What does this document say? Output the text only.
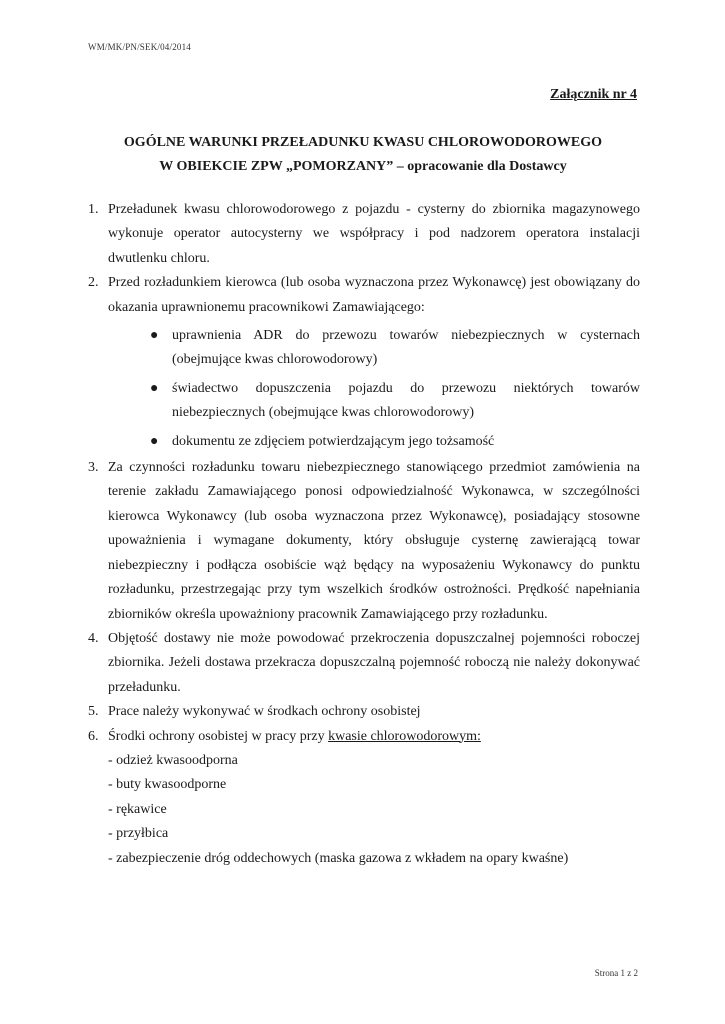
WM/MK/PN/SEK/04/2014
Załącznik nr 4
OGÓLNE WARUNKI PRZEŁADUNKU KWASU CHLOROWODOROWEGO
W OBIEKCIE ZPW „POMORZANY” – opracowanie dla Dostawcy
1. Przeładunek kwasu chlorowodorowego z pojazdu - cysterny do zbiornika magazynowego
wykonuje operator autocysterny we współpracy i pod nadzorem operatora instalacji
dwutlenku chloru.
2. Przed rozładunkiem kierowca (lub osoba wyznaczona przez Wykonawcę) jest obowiązany do
okazania uprawnionemu pracownikowi Zamawiającego:
● uprawnienia ADR do przewozu towarów niebezpiecznych w cysternach (obejmujące kwas chlorowodorowy)
● świadectwo dopuszczenia pojazdu do przewozu niektórych towarów niebezpiecznych (obejmujące kwas chlorowodorowy)
● dokumentu ze zdjęciem potwierdzającym jego tożsamość
3. Za czynności rozładunku towaru niebezpiecznego stanowiącego przedmiot zamówienia na
terenie zakładu Zamawiającego ponosi odpowiedzialność Wykonawca, w szczególności
kierowca Wykonawcy (lub osoba wyznaczona przez Wykonawcę), posiadający stosowne
upoważnienia i wymagane dokumenty, który obsługuje cysternę zawierającą towar
niebezpieczny i podłącza osobiście wąż będący na wyposażeniu Wykonawcy do punktu
rozładunku, przestrzegając przy tym wszelkich środków ostrożności. Prędkość napełniania
zbiorników określa upoważniony pracownik Zamawiającego przy rozładunku.
4. Objętość dostawy nie może powodować przekroczenia dopuszczalnej pojemności roboczej
zbiornika. Jeżeli dostawa przekracza dopuszczalną pojemność roboczą nie należy dokonywać
przeładunku.
5. Prace należy wykonywać w środkach ochrony osobistej
6. Środki ochrony osobistej w pracy przy kwasie chlorowodorowym:
- odzież kwasoodporna
- buty kwasoodporne
- rękawice
- przyłbica
- zabezpieczenie dróg oddechowych (maska gazowa z wkładem na opary kwaśne)
Strona 1 z 2
